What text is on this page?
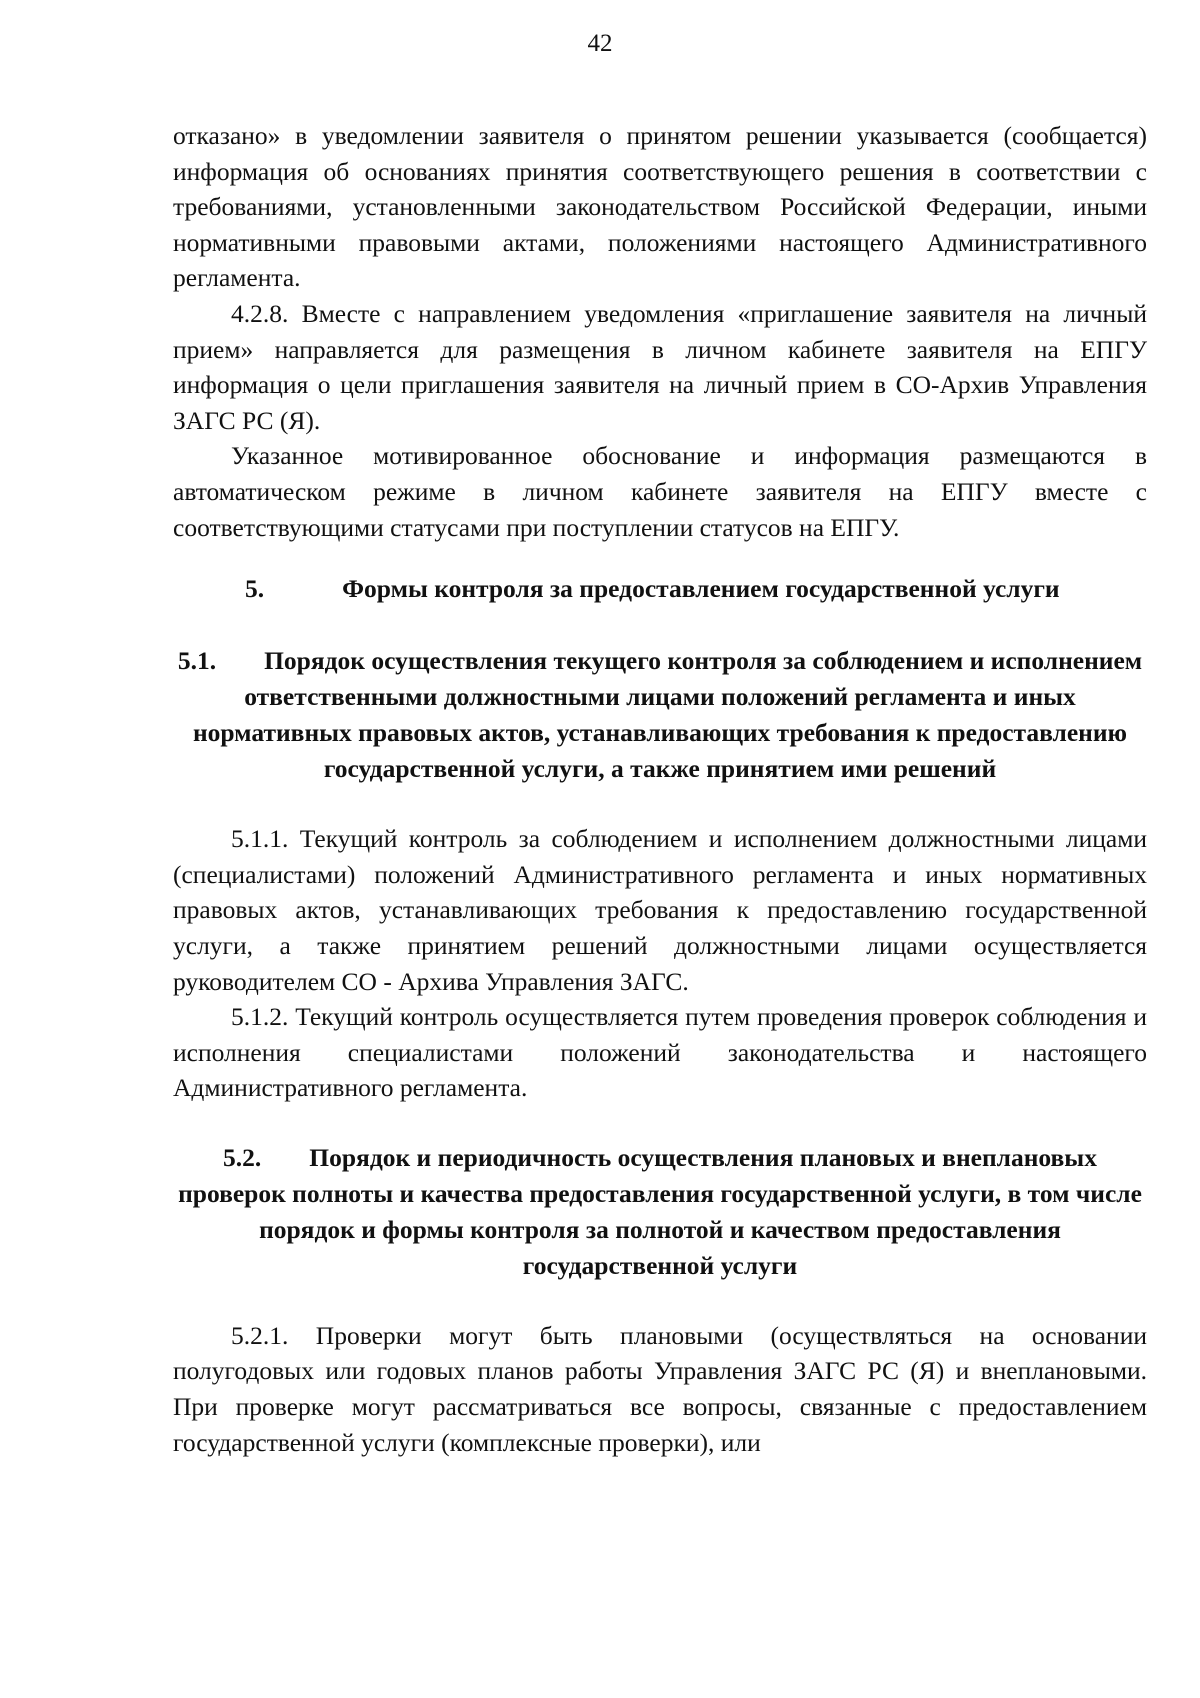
42

отказано» в уведомлении заявителя о принятом решении указывается (сообщается) информация об основаниях принятия соответствующего решения в соответствии с требованиями, установленными законодательством Российской Федерации, иными нормативными правовыми актами, положениями настоящего Административного регламента.

4.2.8. Вместе с направлением уведомления «приглашение заявителя на личный прием» направляется для размещения в личном кабинете заявителя на ЕПГУ информация о цели приглашения заявителя на личный прием в СО-Архив Управления ЗАГС РС (Я).

Указанное мотивированное обоснование и информация размещаются в автоматическом режиме в личном кабинете заявителя на ЕПГУ вместе с соответствующими статусами при поступлении статусов на ЕПГУ.

5.	Формы контроля за предоставлением государственной услуги
5.1. Порядок осуществления текущего контроля за соблюдением и исполнением ответственными должностными лицами положений регламента и иных нормативных правовых актов, устанавливающих требования к предоставлению государственной услуги, а также принятием ими решений

5.1.1. Текущий контроль за соблюдением и исполнением должностными лицами (специалистами) положений Административного регламента и иных нормативных правовых актов, устанавливающих требования к предоставлению государственной услуги, а также принятием решений должностными лицами осуществляется руководителем СО - Архива Управления ЗАГС.

5.1.2. Текущий контроль осуществляется путем проведения проверок соблюдения и исполнения специалистами положений законодательства и настоящего Административного регламента.

5.2. Порядок и периодичность осуществления плановых и внеплановых проверок полноты и качества предоставления государственной услуги, в том числе порядок и формы контроля за полнотой и качеством предоставления государственной услуги

5.2.1. Проверки могут быть плановыми (осуществляться на основании полугодовых или годовых планов работы Управления ЗАГС РС (Я) и внеплановыми. При проверке могут рассматриваться все вопросы, связанные с предоставлением государственной услуги (комплексные проверки), или
